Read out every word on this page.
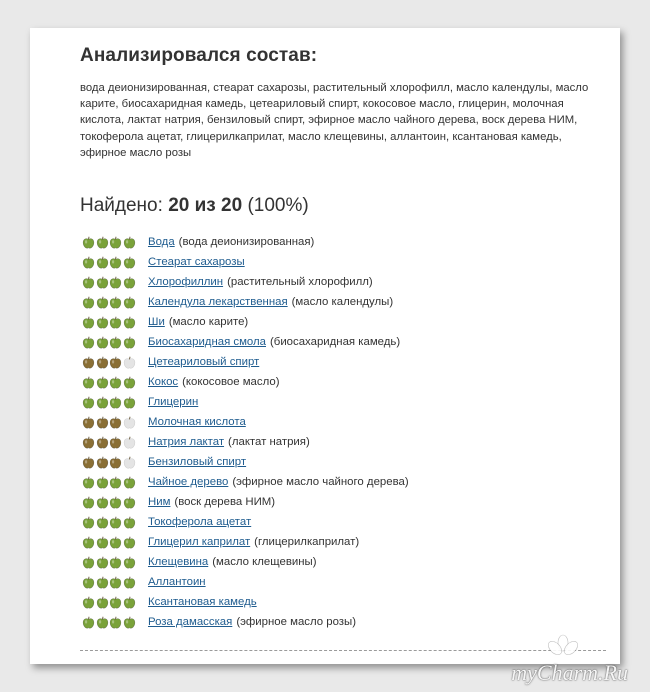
Анализировался состав:

вода деионизированная, стеарат сахарозы, растительный хлорофилл, масло календулы, масло карите, биосахаридная камедь, цетеариловый спирт, кокосовое масло, глицерин, молочная кислота, лактат натрия, бензиловый спирт, эфирное масло чайного дерева, воск дерева НИМ, токоферола ацетат, глицерилкаприлат, масло клещевины, аллантоин, ксантановая камедь, эфирное масло розы

Найдено: 20 из 20 (100%)
Вода (вода деионизированная)
Стеарат сахарозы
Хлорофиллин (растительный хлорофилл)
Календула лекарственная (масло календулы)
Ши (масло карите)
Биосахаридная смола (биосахаридная камедь)
Цетеариловый спирт
Кокос (кокосовое масло)
Глицерин
Молочная кислота
Натрия лактат (лактат натрия)
Бензиловый спирт
Чайное дерево (эфирное масло чайного дерева)
Ним (воск дерева НИМ)
Токоферола ацетат
Глицерил каприлат (глицерилкаприлат)
Клещевина (масло клещевины)
Аллантоин
Ксантановая камедь
Роза дамасская (эфирное масло розы)
myCharm.Ru
